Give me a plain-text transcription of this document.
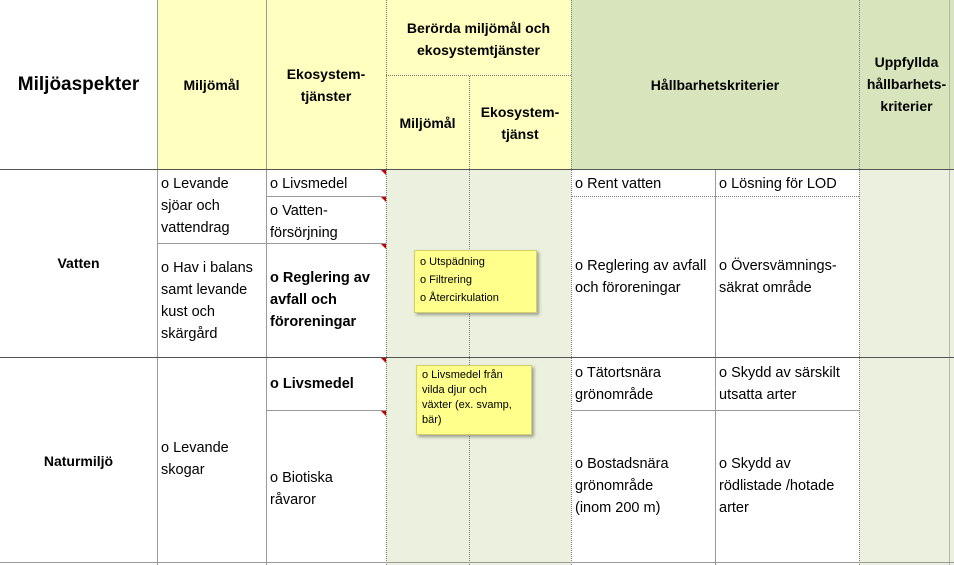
Miljöaspekter	Miljömål
Ekosystem-
tjänster
Berörda miljömål och
ekosystemtjänster
Miljömål
Ekosystem-
tjänst
Hållbarhetskriterier
Uppfyllda
hållbarhets-
kriterier
Vatten
o Levande
sjöar och
vattendrag
o Hav i balans
samt levande
kust och
skärgård
o Livsmedel
o Vatten-
försörjning
o Reglering av
avfall och
föroreningar
o Rent vatten	o Lösning för LOD
o Reglering av avfall
och föroreningar
o Översvämnings-
säkrat område
Naturmiljö
o Levande
skogar
o Livsmedel
o Biotiska
råvaror
o Tätortsnära
grönområde
o Skydd av särskilt
utsatta arter
o Bostadsnära
grönområde
(inom 200 m)
o Skydd av
rödlistade /hotade
arter
o Utspädning
o Filtrering
o Återcirkulation
o Livsmedel från
vilda djur och
växter (ex. svamp,
bär)
